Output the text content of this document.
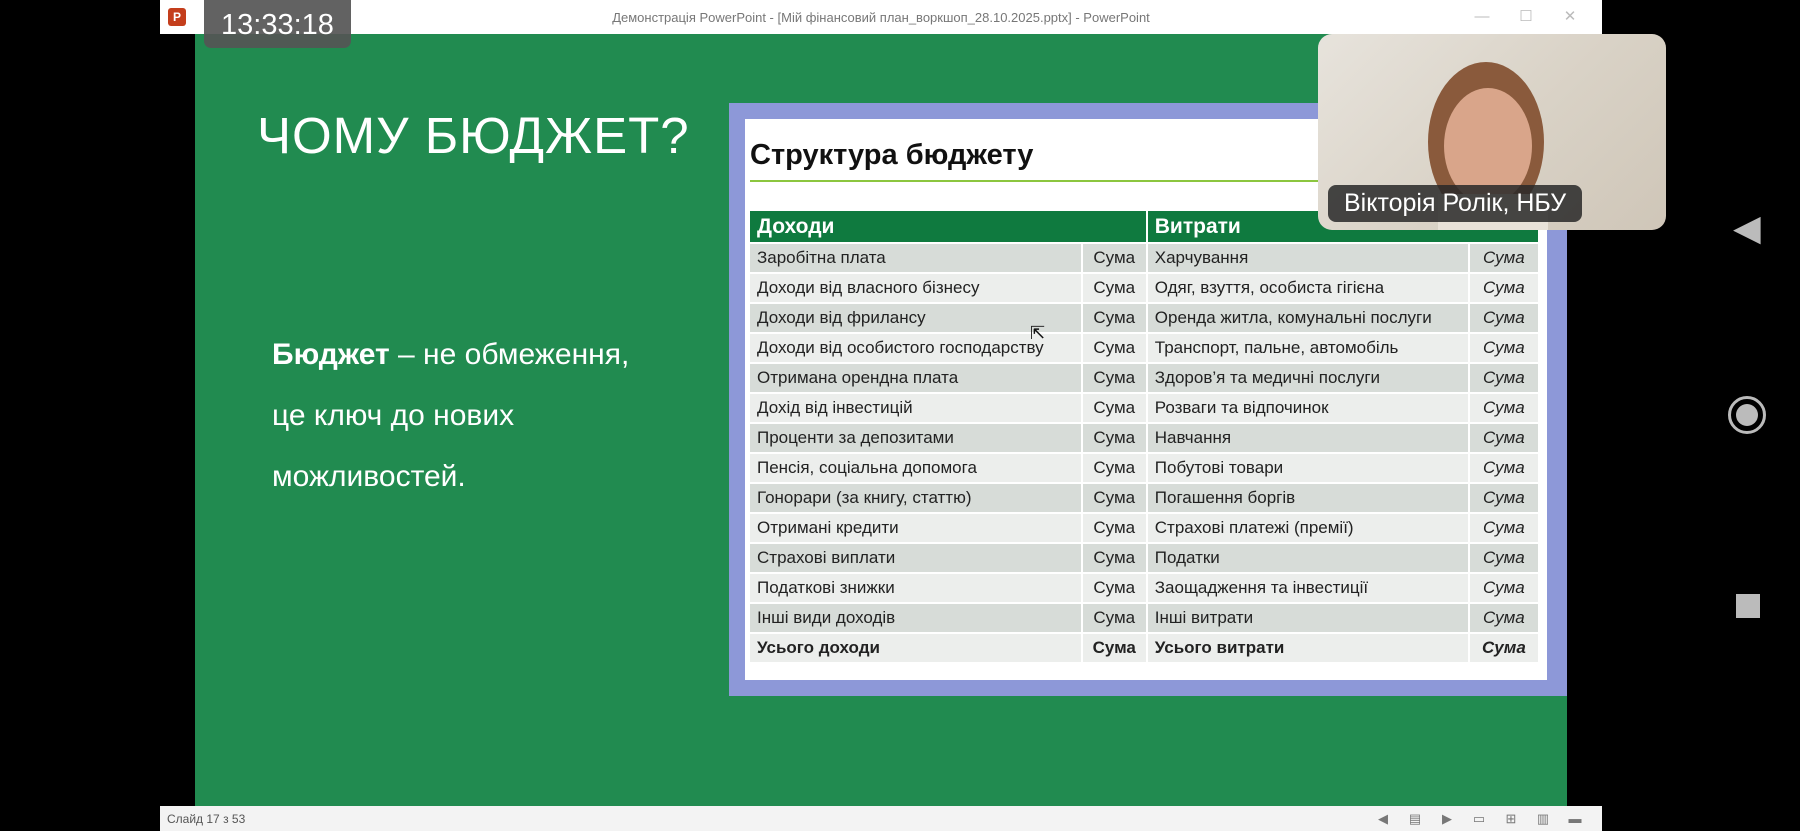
P	Демонстрація PowerPoint - [Мій фінансовий план_воркшоп_28.10.2025.pptx] - PowerPoint	—	☐	✕
ЧОМУ БЮДЖЕТ?
Бюджет – не обмеження,
це ключ до нових
можливостей.
Структура бюджету
Доходи		Витрати	
Заробітна плата	Сума	Харчування	Сума
Доходи від власного бізнесу	Сума	Одяг, взуття, особиста гігієна	Сума
Доходи від фрилансу	Сума	Оренда житла, комунальні послуги	Сума
Доходи від особистого господарству	Сума	Транспорт, пальне, автомобіль	Сума
Отримана орендна плата	Сума	Здоров’я та медичні послуги	Сума
Дохід від інвестицій	Сума	Розваги та відпочинок	Сума
Проценти за депозитами	Сума	Навчання	Сума
Пенсія, соціальна допомога	Сума	Побутові товари	Сума
Гонорари (за книгу, статтю)	Сума	Погашення боргів	Сума
Отримані кредити	Сума	Страхові платежі (премії)	Сума
Страхові виплати	Сума	Податки	Сума
Податкові знижки	Сума	Заощадження та інвестиції	Сума
Інші види доходів	Сума	Інші витрати	Сума
Усього доходи	Сума	Усього витрати	Сума
⇱
Слайд 17 з 53	◀	▤	▶	▭	⊞	▥	▬
13:33:18
Вікторія Ролік, НБУ
◀
